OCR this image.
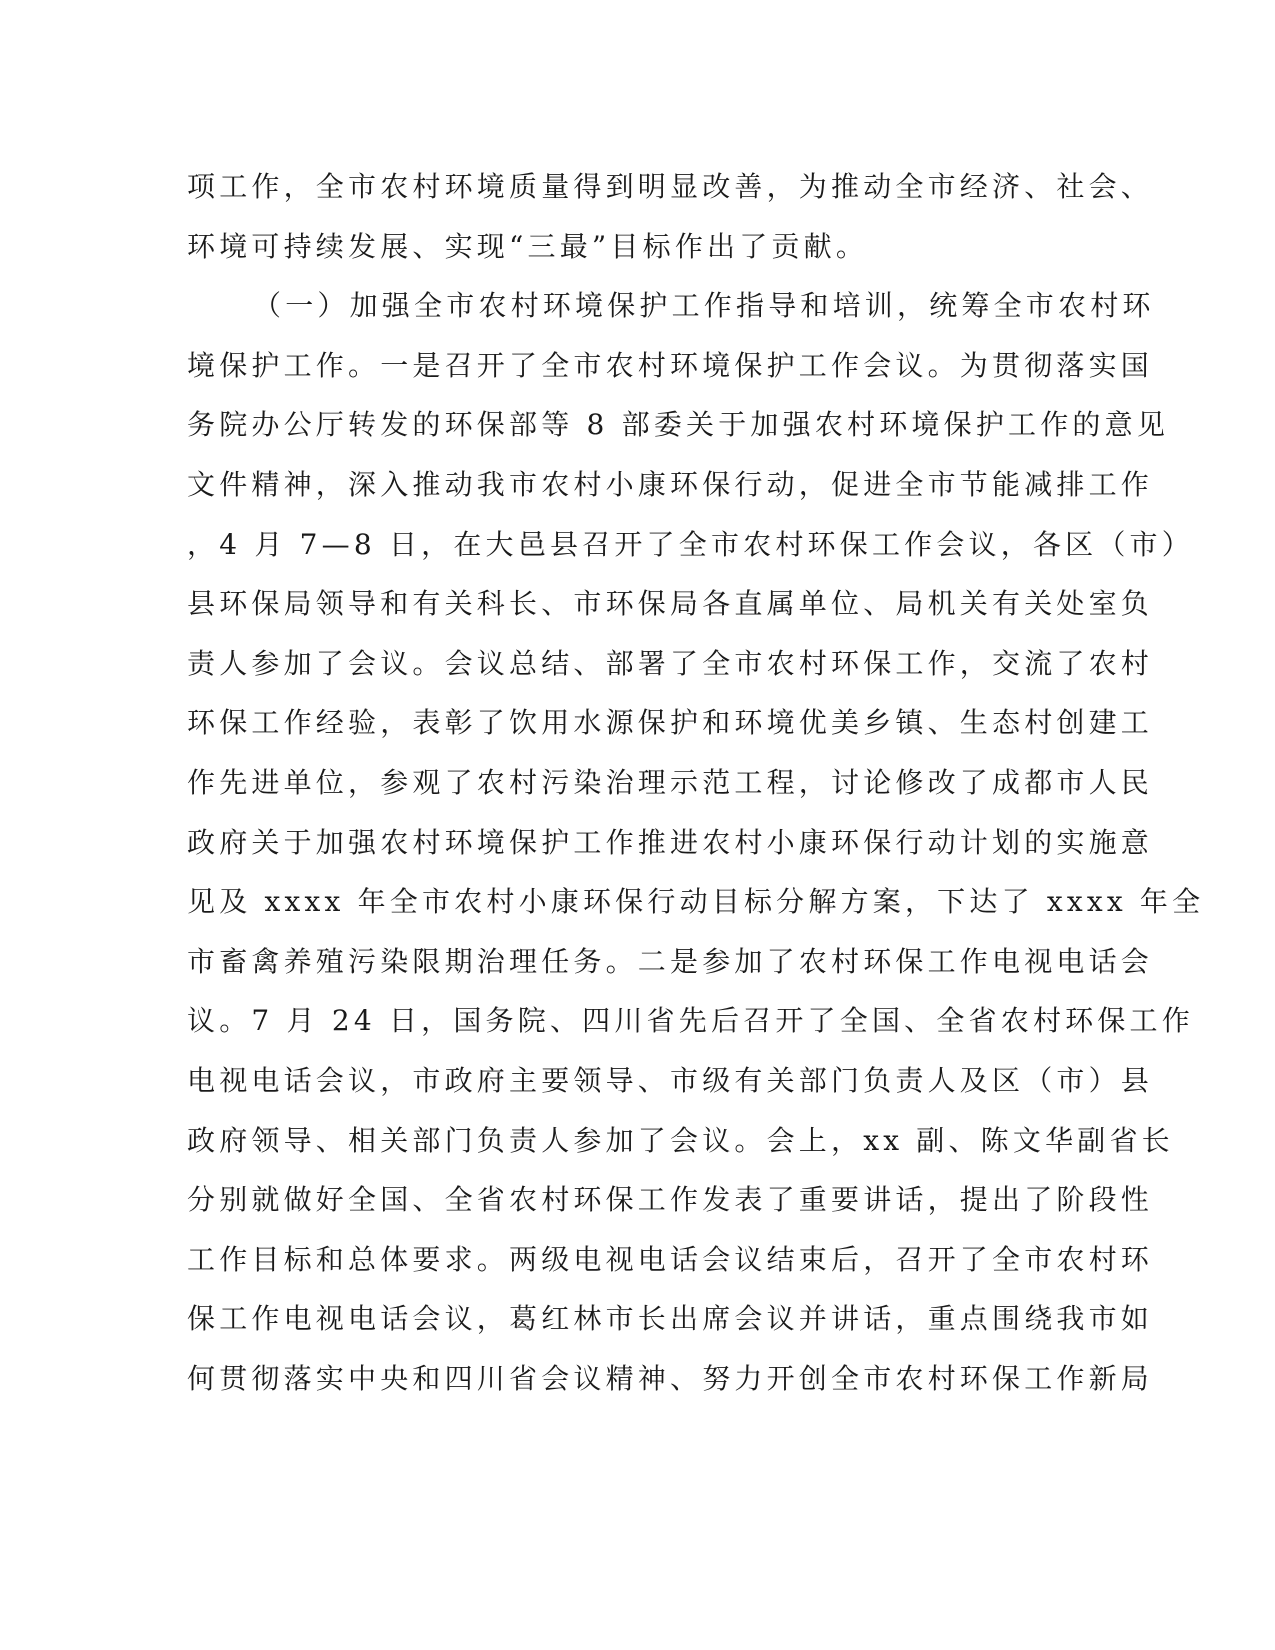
项工作，全市农村环境质量得到明显改善，为推动全市经济、社会、
环境可持续发展、实现“三最”目标作出了贡献。
（一）加强全市农村环境保护工作指导和培训，统筹全市农村环
境保护工作。一是召开了全市农村环境保护工作会议。为贯彻落实国
务院办公厅转发的环保部等 8 部委关于加强农村环境保护工作的意见
文件精神，深入推动我市农村小康环保行动，促进全市节能减排工作
，4 月 7—8 日，在大邑县召开了全市农村环保工作会议，各区（市）
县环保局领导和有关科长、市环保局各直属单位、局机关有关处室负
责人参加了会议。会议总结、部署了全市农村环保工作，交流了农村
环保工作经验，表彰了饮用水源保护和环境优美乡镇、生态村创建工
作先进单位，参观了农村污染治理示范工程，讨论修改了成都市人民
政府关于加强农村环境保护工作推进农村小康环保行动计划的实施意
见及 xxxx 年全市农村小康环保行动目标分解方案，下达了 xxxx 年全
市畜禽养殖污染限期治理任务。二是参加了农村环保工作电视电话会
议。7 月 24 日，国务院、四川省先后召开了全国、全省农村环保工作
电视电话会议，市政府主要领导、市级有关部门负责人及区（市）县
政府领导、相关部门负责人参加了会议。会上，xx 副、陈文华副省长
分别就做好全国、全省农村环保工作发表了重要讲话，提出了阶段性
工作目标和总体要求。两级电视电话会议结束后，召开了全市农村环
保工作电视电话会议，葛红林市长出席会议并讲话，重点围绕我市如
何贯彻落实中央和四川省会议精神、努力开创全市农村环保工作新局
